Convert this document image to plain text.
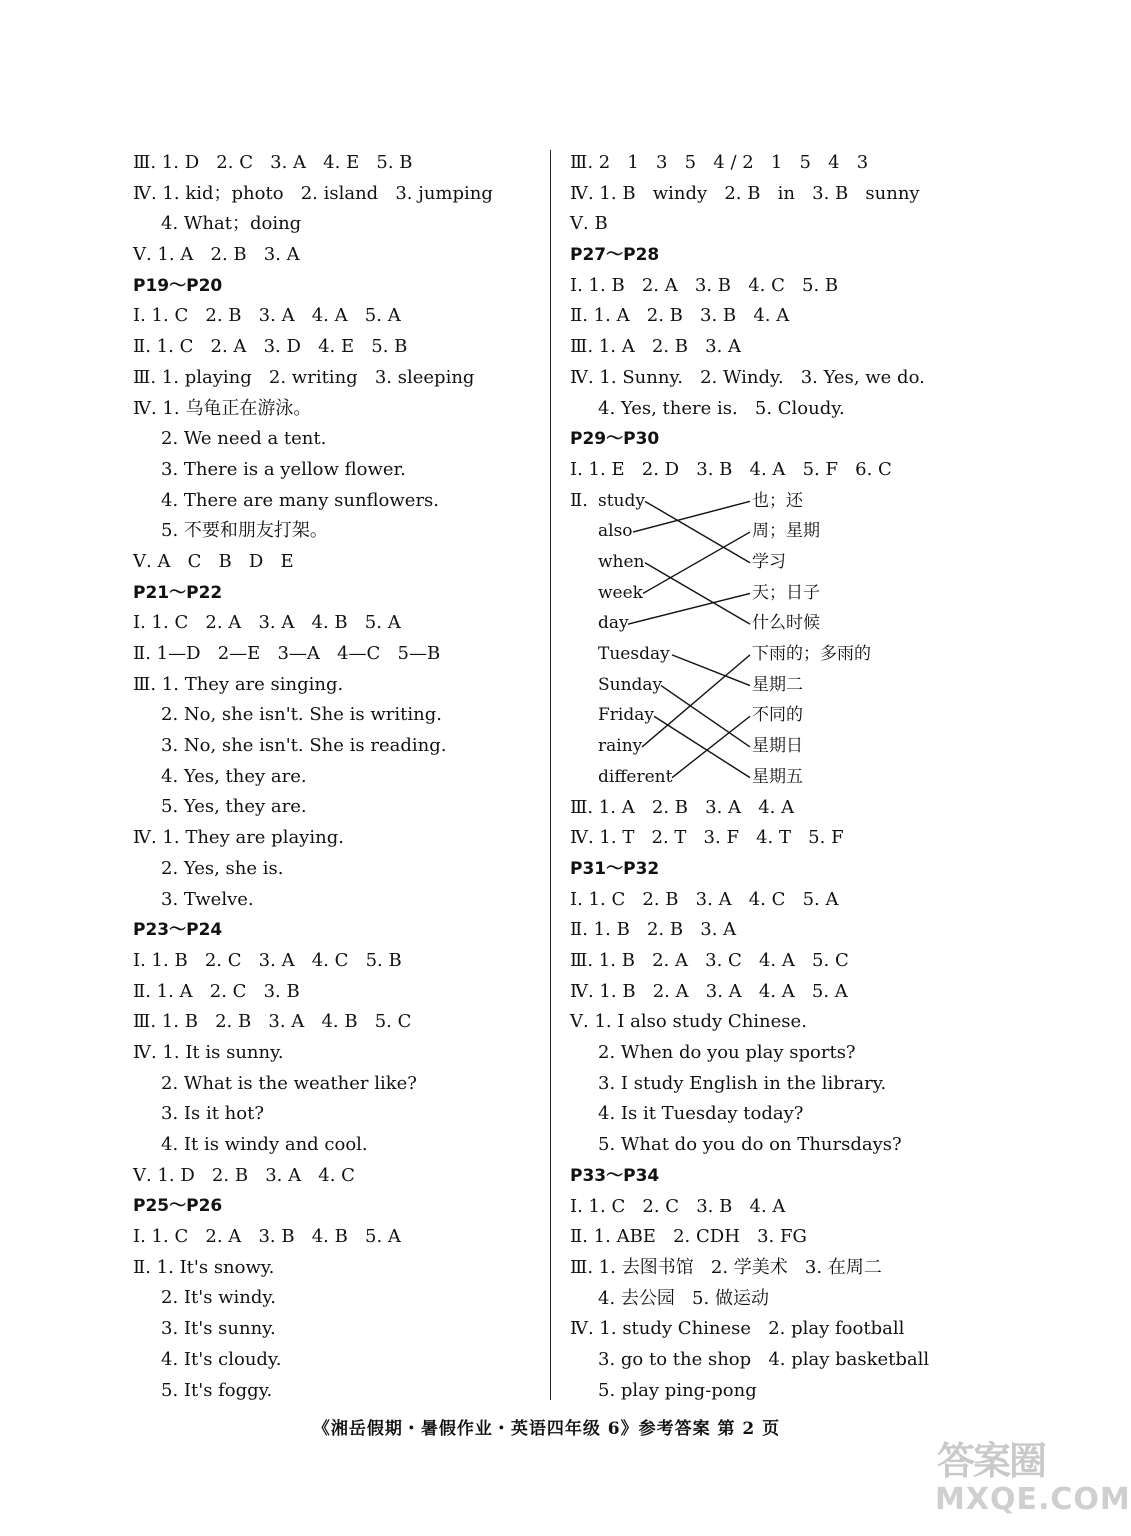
Ⅲ. 1. D   2. C   3. A   4. E   5. B
Ⅳ. 1. kid；photo   2. island   3. jumping
4. What；doing
Ⅴ. 1. A   2. B   3. A
P19～P20
Ⅰ. 1. C   2. B   3. A   4. A   5. A
Ⅱ. 1. C   2. A   3. D   4. E   5. B
Ⅲ. 1. playing   2. writing   3. sleeping
Ⅳ. 1. 乌龟正在游泳。
2. We need a tent.
3. There is a yellow flower.
4. There are many sunflowers.
5. 不要和朋友打架。
Ⅴ. A   C   B   D   E
P21～P22
Ⅰ. 1. C   2. A   3. A   4. B   5. A
Ⅱ. 1—D   2—E   3—A   4—C   5—B
Ⅲ. 1. They are singing.
2. No, she isn't. She is writing.
3. No, she isn't. She is reading.
4. Yes, they are.
5. Yes, they are.
Ⅳ. 1. They are playing.
2. Yes, she is.
3. Twelve.
P23～P24
Ⅰ. 1. B   2. C   3. A   4. C   5. B
Ⅱ. 1. A   2. C   3. B
Ⅲ. 1. B   2. B   3. A   4. B   5. C
Ⅳ. 1. It is sunny.
2. What is the weather like?
3. Is it hot?
4. It is windy and cool.
Ⅴ. 1. D   2. B   3. A   4. C
P25～P26
Ⅰ. 1. C   2. A   3. B   4. B   5. A
Ⅱ. 1. It's snowy.
2. It's windy.
3. It's sunny.
4. It's cloudy.
5. It's foggy.
Ⅲ. 2   1   3   5   4 / 2   1   5   4   3
Ⅳ. 1. B   windy   2. B   in   3. B   sunny
Ⅴ. B
P27～P28
Ⅰ. 1. B   2. A   3. B   4. C   5. B
Ⅱ. 1. A   2. B   3. B   4. A
Ⅲ. 1. A   2. B   3. A
Ⅳ. 1. Sunny.   2. Windy.   3. Yes, we do.
4. Yes, there is.   5. Cloudy.
P29～P30
Ⅰ. 1. E   2. D   3. B   4. A   5. F   6. C
Ⅱ. study
also
when
week
day
Tuesday
Sunday
Friday
rainy
different
也；还
周；星期
学习
天；日子
什么时候
下雨的；多雨的
星期二
不同的
星期日
星期五
Ⅲ. 1. A   2. B   3. A   4. A
Ⅳ. 1. T   2. T   3. F   4. T   5. F
P31～P32
Ⅰ. 1. C   2. B   3. A   4. C   5. A
Ⅱ. 1. B   2. B   3. A
Ⅲ. 1. B   2. A   3. C   4. A   5. C
Ⅳ. 1. B   2. A   3. A   4. A   5. A
Ⅴ. 1. I also study Chinese.
2. When do you play sports?
3. I study English in the library.
4. Is it Tuesday today?
5. What do you do on Thursdays?
P33～P34
Ⅰ. 1. C   2. C   3. B   4. A
Ⅱ. 1. ABE   2. CDH   3. FG
Ⅲ. 1. 去图书馆   2. 学美术   3. 在周二
4. 去公园   5. 做运动
Ⅳ. 1. study Chinese   2. play football
3. go to the shop   4. play basketball
5. play ping-pong
《湘岳假期・暑假作业・英语四年级 6》参考答案 第 2 页
答案圈
MXQE.COM
